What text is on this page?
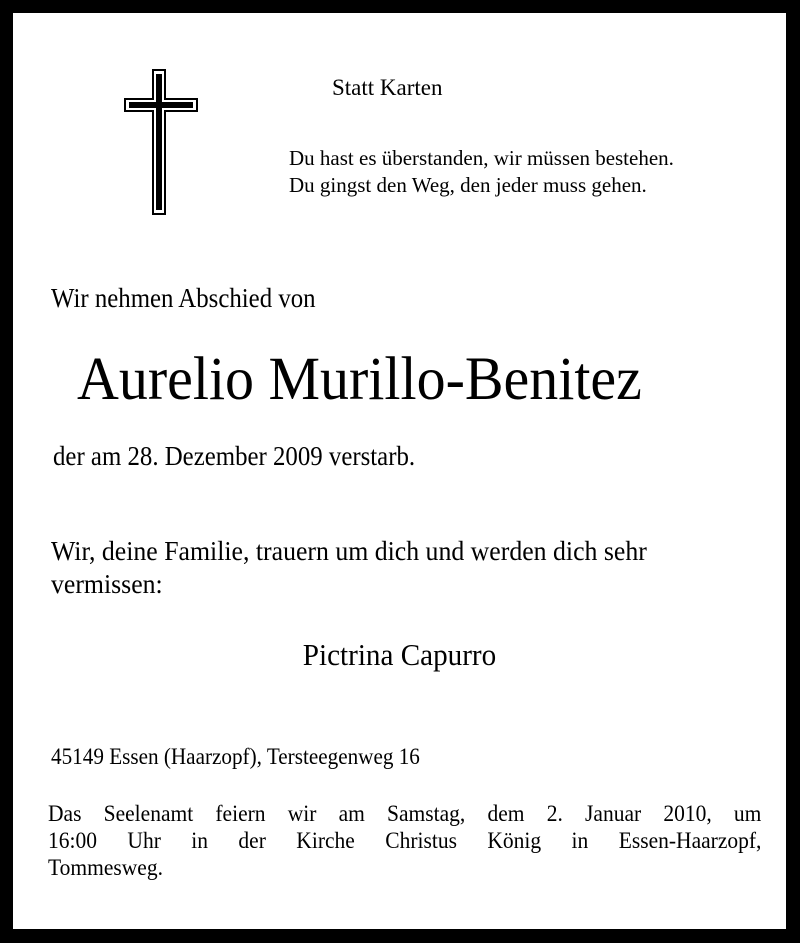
Statt Karten
Du hast es überstanden, wir müssen bestehen.
Du gingst den Weg, den jeder muss gehen.
Wir nehmen Abschied von
Aurelio Murillo-Benitez
der am 28. Dezember 2009 verstarb.
Wir, deine Familie, trauern um dich und werden dich sehr vermissen:
Pictrina Capurro
45149 Essen (Haarzopf), Tersteegenweg 16
Das Seelenamt feiern wir am Samstag, dem 2. Januar 2010, um
16:00 Uhr in der Kirche Christus König in Essen-Haarzopf,
Tommesweg.
